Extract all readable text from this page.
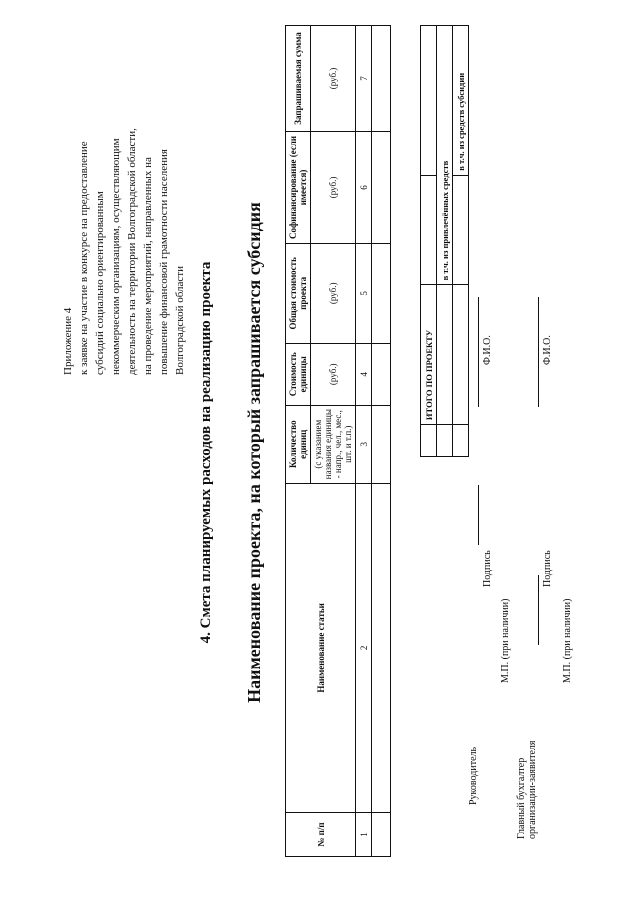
Приложение 4 к заявке на участие в конкурсе на предоставление субсидий социально ориентированным некоммерческим организациям, осуществляющим деятельность на территории Волгоградской области, на проведение мероприятий, направленных на повышение финансовой грамотности населения Волгоградской области 4. Смета планируемых расходов на реализацию проекта Наименование проекта, на который запрашивается субсидия
№ п/п	Наименование статьи	Количество единиц	Стоимость единицы	Общая стоимость проекта	Софинансирование (если имеется)	Запрашиваемая сумма
		(с указанием названия единицы - напр., чел., мес., шт. и т.п.)				
			(руб.)	(руб.)	(руб.)	(руб.)
1	2	3	4	5	6	7

	ИТОГО ПО ПРОЕКТУ		
		в т.ч. из привлечённых средств	
			в т.ч. из средств субсидии
Руководитель
Подпись
Ф.И.О.
М.П. (при наличии)
Главный бухгалтер организации-заявителя
Подпись
Ф.И.О.
М.П. (при наличии)
